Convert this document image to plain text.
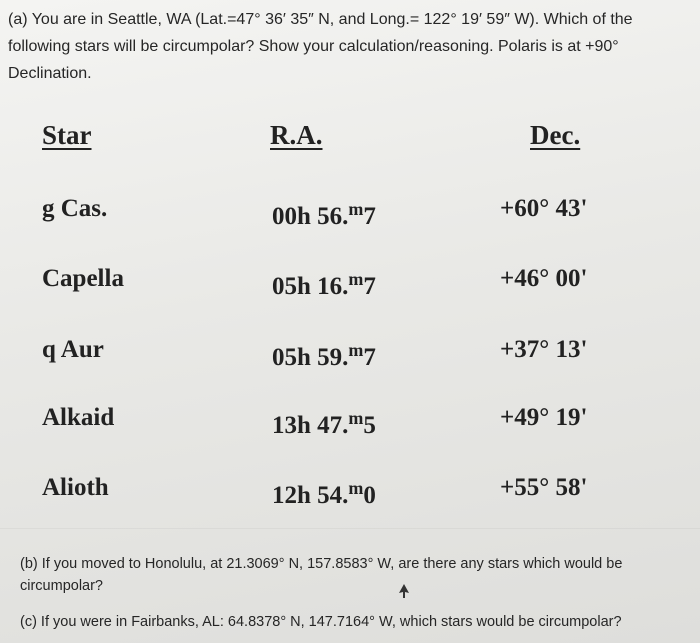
(a) You are in Seattle, WA (Lat.=47° 36′ 35″ N, and Long.= 122° 19′ 59″ W). Which of the following stars will be circumpolar? Show your calculation/reasoning. Polaris is at +90° Declination.

Star	R.A.	Dec.
g Cas.	00h 56.$^m$7	+60° 43'
Capella	05h 16.$^m$7	+46° 00'
q Aur	05h 59.$^m$7	+37° 13'
Alkaid	13h 47.$^m$5	+49° 19'
Alioth	12h 54.$^m$0	+55° 58'

(b) If you moved to Honolulu, at 21.3069° N, 157.8583° W, are there any stars which would be circumpolar?

(c) If you were in Fairbanks, AL: 64.8378° N, 147.7164° W, which stars would be circumpolar?
